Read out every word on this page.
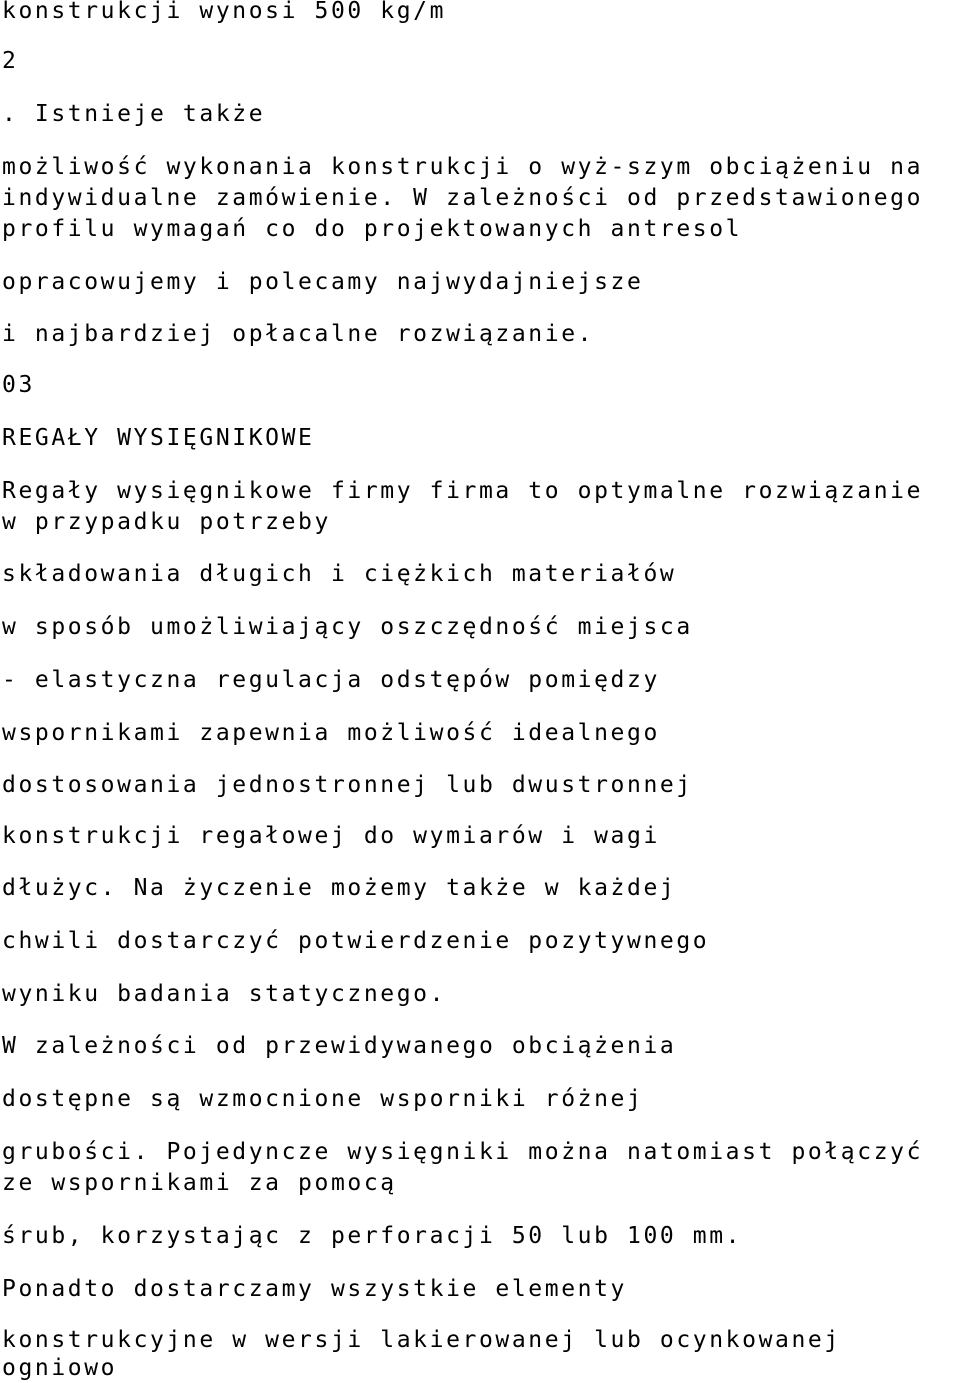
konstrukcji wynosi 500 kg/m

2

. Istnieje także

możliwość wykonania konstrukcji o wyż-szym obciążeniu na

indywidualne zamówienie. W zależności od przedstawionego

profilu wymagań co do projektowanych antresol

opracowujemy i polecamy najwydajniejsze

i najbardziej opłacalne rozwiązanie.

03

REGAŁY WYSIĘGNIKOWE

Regały wysięgnikowe firmy firma to optymalne rozwiązanie

w przypadku potrzeby

składowania długich i ciężkich materiałów

w sposób umożliwiający oszczędność miejsca

- elastyczna regulacja odstępów pomiędzy

wspornikami zapewnia możliwość idealnego

dostosowania jednostronnej lub dwustronnej

konstrukcji regałowej do wymiarów i wagi

dłużyc. Na życzenie możemy także w każdej

chwili dostarczyć potwierdzenie pozytywnego

wyniku badania statycznego.

W zależności od przewidywanego obciążenia

dostępne są wzmocnione wsporniki różnej

grubości. Pojedyncze wysięgniki można natomiast połączyć

ze wspornikami za pomocą

śrub, korzystając z perforacji 50 lub 100 mm.

Ponadto dostarczamy wszystkie elementy

konstrukcyjne w wersji lakierowanej lub ocynkowanej

ogniowo
